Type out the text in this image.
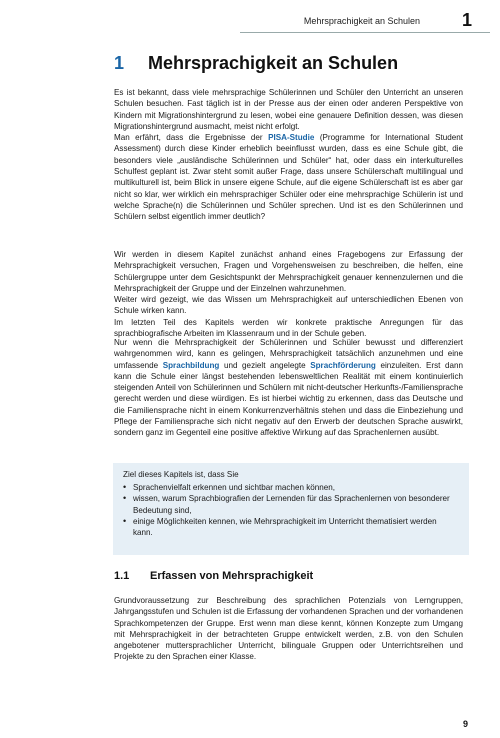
Mehrsprachigkeit an Schulen 1
1 Mehrsprachigkeit an Schulen

Es ist bekannt, dass viele mehrsprachige Schülerinnen und Schüler den Unterricht an unseren Schulen besuchen. Fast täglich ist in der Presse aus der einen oder anderen Perspektive von Kindern mit Migrationshintergrund zu lesen, wobei eine genauere Definition dessen, was diesen Migrationshintergrund ausmacht, meist nicht erfolgt.

Man erfährt, dass die Ergebnisse der PISA-Studie (Programme for International Student Assessment) durch diese Kinder erheblich beeinflusst wurden, dass es eine Schule gibt, die besonders viele „ausländische Schülerinnen und Schüler“ hat, oder dass ein interkulturelles Schulfest geplant ist. Zwar steht somit außer Frage, dass unsere Schülerschaft multilingual und multikulturell ist, beim Blick in unsere eigene Schule, auf die eigene Schülerschaft ist es aber gar nicht so klar, wer wirklich ein mehrsprachiger Schüler oder eine mehrsprachige Schülerin ist und welche Sprache(n) die Schülerinnen und Schüler sprechen. Und ist es den Schülerinnen und Schülern selbst eigentlich immer deutlich?

Wir werden in diesem Kapitel zunächst anhand eines Fragebogens zur Erfassung der Mehrsprachigkeit versuchen, Fragen und Vorgehensweisen zu beschreiben, die helfen, eine Schülergruppe unter dem Gesichtspunkt der Mehrsprachigkeit genauer kennenzulernen und die Mehrsprachigkeit der Gruppe und der Einzelnen wahrzunehmen.

Weiter wird gezeigt, wie das Wissen um Mehrsprachigkeit auf unterschiedlichen Ebenen von Schule wirken kann.

Im letzten Teil des Kapitels werden wir konkrete praktische Anregungen für das sprachbiografische Arbeiten im Klassenraum und in der Schule geben.

Nur wenn die Mehrsprachigkeit der Schülerinnen und Schüler bewusst und differenziert wahrgenommen wird, kann es gelingen, Mehrsprachigkeit tatsächlich anzunehmen und eine umfassende Sprachbildung und gezielt angelegte Sprachförderung einzuleiten. Erst dann kann die Schule einer längst bestehenden lebensweltlichen Realität mit einem kontinuierlich steigenden Anteil von Schülerinnen und Schülern mit nicht-deutscher Herkunfts-/Familiensprache gerecht werden und diese würdigen. Es ist hierbei wichtig zu erkennen, dass das Deutsche und die Familiensprache nicht in einem Konkurrenzverhältnis stehen und dass die Einbeziehung und Pflege der Familiensprache sich nicht negativ auf den Erwerb der deutschen Sprache auswirkt, sondern ganz im Gegenteil eine positive affektive Wirkung auf das Sprachenlernen ausübt.

Ziel dieses Kapitels ist, dass Sie
• Sprachenvielfalt erkennen und sichtbar machen können,
• wissen, warum Sprachbiografien der Lernenden für das Sprachenlernen von besonderer Bedeutung sind,
• einige Möglichkeiten kennen, wie Mehrsprachigkeit im Unterricht thematisiert werden kann.
1.1 Erfassen von Mehrsprachigkeit

Grundvoraussetzung zur Beschreibung des sprachlichen Potenzials von Lerngruppen, Jahrgangsstufen und Schulen ist die Erfassung der vorhandenen Sprachen und der vorhandenen Sprachkompetenzen der Gruppe. Erst wenn man diese kennt, können Konzepte zum Umgang mit Mehrsprachigkeit in der betrachteten Gruppe entwickelt werden, z.B. von den Schulen angebotener muttersprachlicher Unterricht, bilinguale Gruppen oder Unterrichtsreihen und Projekte zu den Sprachen einer Klasse.

9
